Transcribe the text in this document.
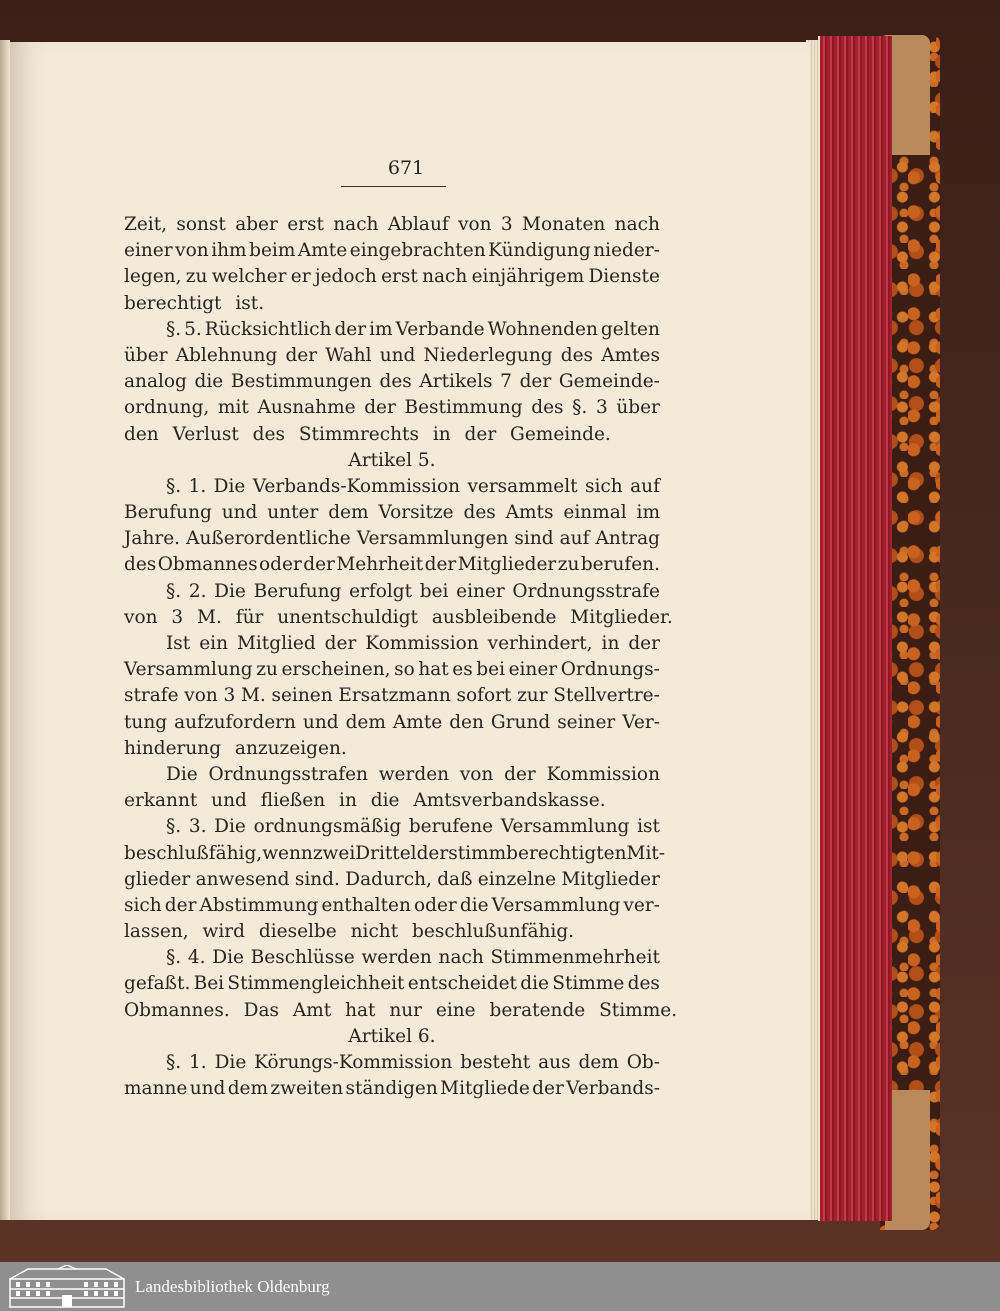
671
Zeit, sonst aber erst nach Ablauf von 3 Monaten nach
einer von ihm beim Amte eingebrachten Kündigung nieder-
legen, zu welcher er jedoch erst nach einjährigem Dienste
berechtigt ist.
§. 5. Rücksichtlich der im Verbande Wohnenden gelten
über Ablehnung der Wahl und Niederlegung des Amtes
analog die Bestimmungen des Artikels 7 der Gemeinde-
ordnung, mit Ausnahme der Bestimmung des §. 3 über
den Verlust des Stimmrechts in der Gemeinde.
Artikel 5.
§. 1. Die Verbands-Kommission versammelt sich auf
Berufung und unter dem Vorsitze des Amts einmal im
Jahre. Außerordentliche Versammlungen sind auf Antrag
des Obmannes oder der Mehrheit der Mitglieder zu berufen.
§. 2. Die Berufung erfolgt bei einer Ordnungsstrafe
von 3 M. für unentschuldigt ausbleibende Mitglieder.
Ist ein Mitglied der Kommission verhindert, in der
Versammlung zu erscheinen, so hat es bei einer Ordnungs-
strafe von 3 M. seinen Ersatzmann sofort zur Stellvertre-
tung aufzufordern und dem Amte den Grund seiner Ver-
hinderung anzuzeigen.
Die Ordnungsstrafen werden von der Kommission
erkannt und fließen in die Amtsverbandskasse.
§. 3. Die ordnungsmäßig berufene Versammlung ist
beschlußfähig, wenn zwei Drittel der stimmberechtigten Mit-
glieder anwesend sind. Dadurch, daß einzelne Mitglieder
sich der Abstimmung enthalten oder die Versammlung ver-
lassen, wird dieselbe nicht beschlußunfähig.
§. 4. Die Beschlüsse werden nach Stimmenmehrheit
gefaßt. Bei Stimmengleichheit entscheidet die Stimme des
Obmannes. Das Amt hat nur eine beratende Stimme.
Artikel 6.
§. 1. Die Körungs-Kommission besteht aus dem Ob-
manne und dem zweiten ständigen Mitgliede der Verbands-
Landesbibliothek Oldenburg
